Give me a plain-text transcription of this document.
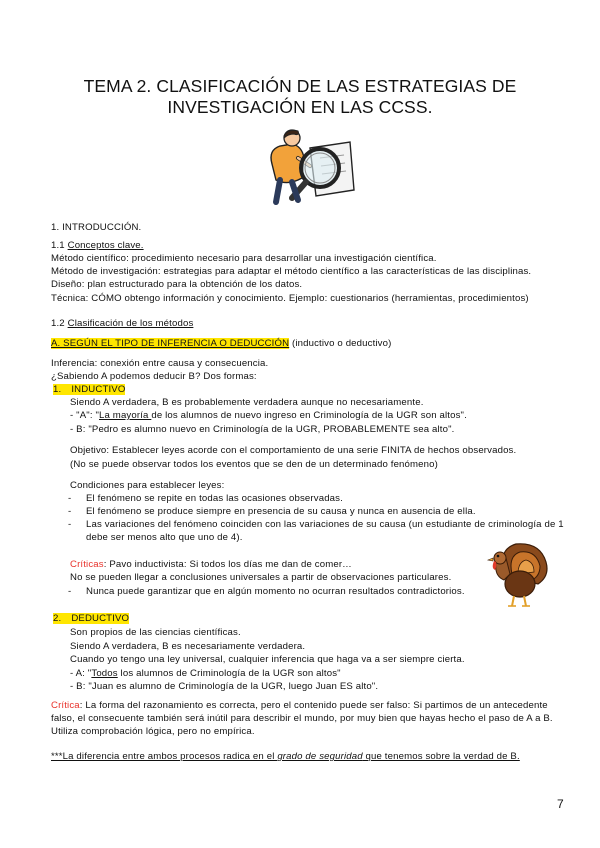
TEMA 2. CLASIFICACIÓN DE LAS ESTRATEGIAS DE
INVESTIGACIÓN EN LAS CCSS.
1. INTRODUCCIÓN.
1.1 Conceptos clave.
Método científico: procedimiento necesario para desarrollar una investigación científica.
Método de investigación: estrategias para adaptar el método científico a las características de las disciplinas.
Diseño: plan estructurado para la obtención de los datos.
Técnica: CÓMO obtengo información y conocimiento. Ejemplo: cuestionarios (herramientas, procedimientos)
1.2 Clasificación de los métodos
A. SEGÚN EL TIPO DE INFERENCIA O DEDUCCIÓN (inductivo o deductivo)
Inferencia: conexión entre causa y consecuencia.
¿Sabiendo A podemos deducir B? Dos formas:
1. INDUCTIVO
Siendo A verdadera, B es probablemente verdadera aunque no necesariamente.
- "A": "La mayoría de los alumnos de nuevo ingreso en Criminología de la UGR son altos".
- B: "Pedro es alumno nuevo en Criminología de la UGR, PROBABLEMENTE sea alto".
Objetivo: Establecer leyes acorde con el comportamiento de una serie FINITA de hechos observados.
(No se puede observar todos los eventos que se den de un determinado fenómeno)
Condiciones para establecer leyes:
- El fenómeno se repite en todas las ocasiones observadas.
- El fenómeno se produce siempre en presencia de su causa y nunca en ausencia de ella.
- Las variaciones del fenómeno coinciden con las variaciones de su causa (un estudiante de criminología de 1
debe ser menos alto que uno de 4).
Críticas: Pavo inductivista: Si todos los días me dan de comer…
No se pueden llegar a conclusiones universales a partir de observaciones particulares.
- Nunca puede garantizar que en algún momento no ocurran resultados contradictorios.
2. DEDUCTIVO
Son propios de las ciencias científicas.
Siendo A verdadera, B es necesariamente verdadera.
Cuando yo tengo una ley universal, cualquier inferencia que haga va a ser siempre cierta.
- A: "Todos los alumnos de Criminología de la UGR son altos"
- B: "Juan es alumno de Criminología de la UGR, luego Juan ES alto".
Crítica: La forma del razonamiento es correcta, pero el contenido puede ser falso: Si partimos de un antecedente
falso, el consecuente también será inútil para describir el mundo, por muy bien que hayas hecho el paso de A a B.
Utiliza comprobación lógica, pero no empírica.
***La diferencia entre ambos procesos radica en el grado de seguridad que tenemos sobre la verdad de B.
7
